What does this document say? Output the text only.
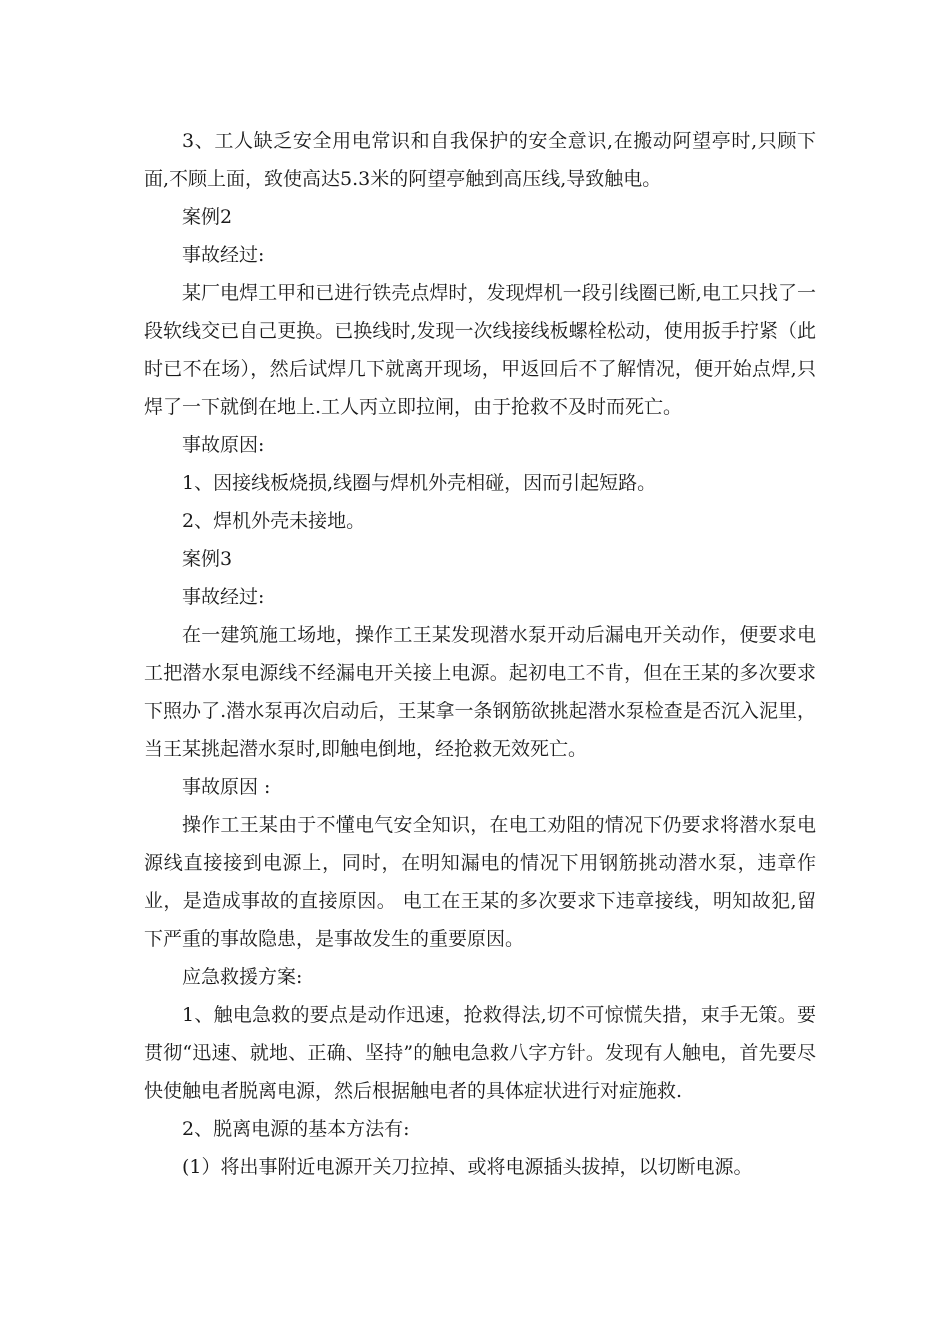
3、工人缺乏安全用电常识和自我保护的安全意识,在搬动阿望亭时,只顾下面,不顾上面，致使高达5.3米的阿望亭触到高压线,导致触电。

案例2

事故经过:

某厂电焊工甲和已进行铁壳点焊时，发现焊机一段引线圈已断,电工只找了一段软线交已自己更换。已换线时,发现一次线接线板螺栓松动，使用扳手拧紧（此时已不在场），然后试焊几下就离开现场，甲返回后不了解情况，便开始点焊,只焊了一下就倒在地上.工人丙立即拉闸，由于抢救不及时而死亡。

事故原因:

1、因接线板烧损,线圈与焊机外壳相碰，因而引起短路。

2、焊机外壳未接地。

案例3

事故经过:

在一建筑施工场地，操作工王某发现潜水泵开动后漏电开关动作，便要求电工把潜水泵电源线不经漏电开关接上电源。起初电工不肯，但在王某的多次要求下照办了.潜水泵再次启动后，王某拿一条钢筋欲挑起潜水泵检查是否沉入泥里，当王某挑起潜水泵时,即触电倒地，经抢救无效死亡。

事故原因 :

操作工王某由于不懂电气安全知识，在电工劝阻的情况下仍要求将潜水泵电源线直接接到电源上，同时，在明知漏电的情况下用钢筋挑动潜水泵，违章作业，是造成事故的直接原因。 电工在王某的多次要求下违章接线，明知故犯,留下严重的事故隐患，是事故发生的重要原因。

应急救援方案:

1、触电急救的要点是动作迅速，抢救得法,切不可惊慌失措，束手无策。要贯彻“迅速、就地、正确、坚持”的触电急救八字方针。发现有人触电，首先要尽快使触电者脱离电源，然后根据触电者的具体症状进行对症施救.

2、脱离电源的基本方法有:

(1）将出事附近电源开关刀拉掉、或将电源插头拔掉，以切断电源。
